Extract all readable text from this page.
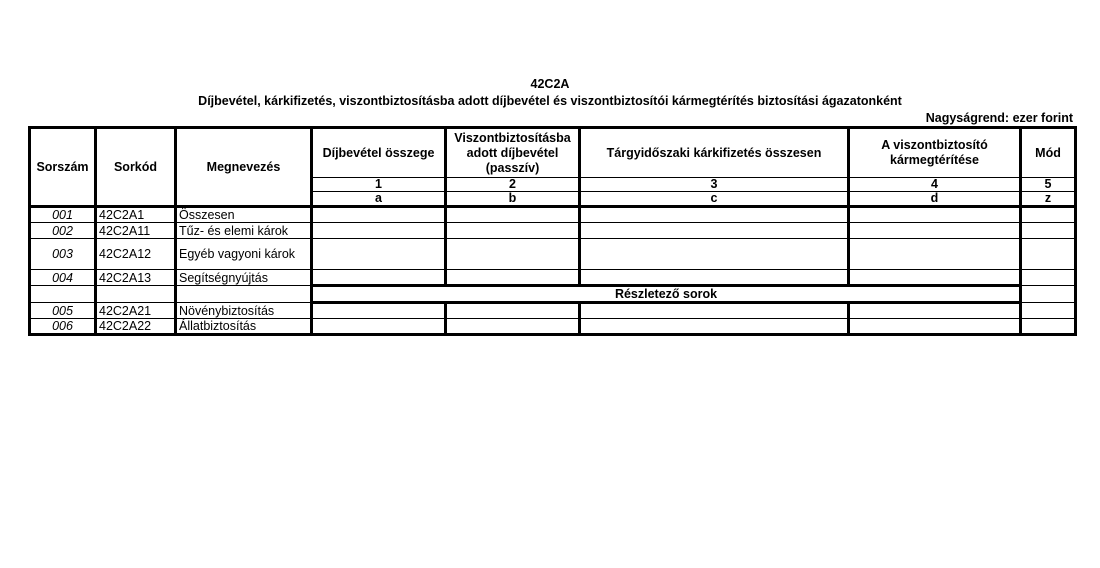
42C2A
Díjbevétel, kárkifizetés, viszontbiztosításba adott díjbevétel és viszontbiztosítói kármegtérítés biztosítási ágazatonként
Nagyságrend: ezer forint
Sorszám	Sorkód	Megnevezés	Díjbevétel összege	Viszontbiztosításba adott díjbevétel (passzív)	Tárgyidőszaki kárkifizetés összesen	A viszontbiztosító kármegtérítése	Mód
			1	2	3	4	5
			a	b	c	d	z
001	42C2A1	Összesen					
002	42C2A11	Tűz- és elemi károk					
003	42C2A12	Egyéb vagyoni károk					
004	42C2A13	Segítségnyújtás					
			Részletező sorok				
005	42C2A21	Növénybiztosítás					
006	42C2A22	Állatbiztosítás					
